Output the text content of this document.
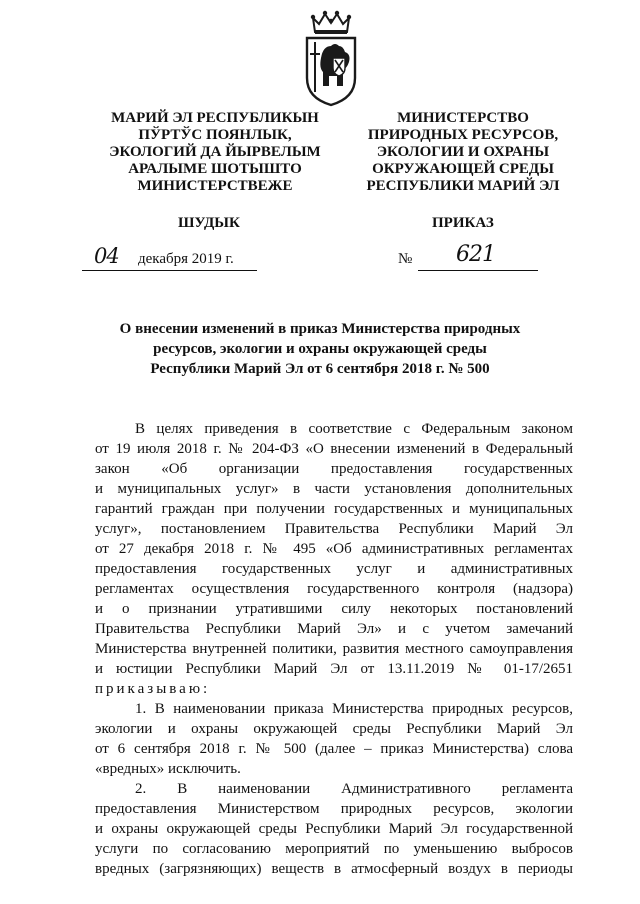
МАРИЙ ЭЛ РЕСПУБЛИКЫН
ПЎРТЎС ПОЯНЛЫК,
ЭКОЛОГИЙ ДА ЙЫРВЕЛЫМ
АРАЛЫМЕ ШОТЫШТО
МИНИСТЕРСТВЕЖЕ
МИНИСТЕРСТВО
ПРИРОДНЫХ РЕСУРСОВ,
ЭКОЛОГИИ И ОХРАНЫ
ОКРУЖАЮЩЕЙ СРЕДЫ
РЕСПУБЛИКИ МАРИЙ ЭЛ
ШУДЫК	ПРИКАЗ
04 декабря 2019 г.	№ 621
О внесении изменений в приказ Министерства природных
ресурсов, экологии и охраны окружающей среды
Республики Марий Эл от 6 сентября 2018 г. № 500
В целях приведения в соответствие с Федеральным законом
от 19 июля 2018 г. № 204-ФЗ «О внесении изменений в Федеральный
закон «Об организации предоставления государственных
и муниципальных услуг» в части установления дополнительных
гарантий граждан при получении государственных и муниципальных
услуг», постановлением Правительства Республики Марий Эл
от 27 декабря 2018 г. № 495 «Об административных регламентах
предоставления государственных услуг и административных
регламентах осуществления государственного контроля (надзора)
и о признании утратившими силу некоторых постановлений
Правительства Республики Марий Эл» и с учетом замечаний
Министерства внутренней политики, развития местного самоуправления
и юстиции Республики Марий Эл от 13.11.2019 № 01-17/2651
приказываю:
1. В наименовании приказа Министерства природных ресурсов,
экологии и охраны окружающей среды Республики Марий Эл
от 6 сентября 2018 г. № 500 (далее – приказ Министерства) слова
«вредных» исключить.
2. В наименовании Административного регламента
предоставления Министерством природных ресурсов, экологии
и охраны окружающей среды Республики Марий Эл государственной
услуги по согласованию мероприятий по уменьшению выбросов
вредных (загрязняющих) веществ в атмосферный воздух в периоды
